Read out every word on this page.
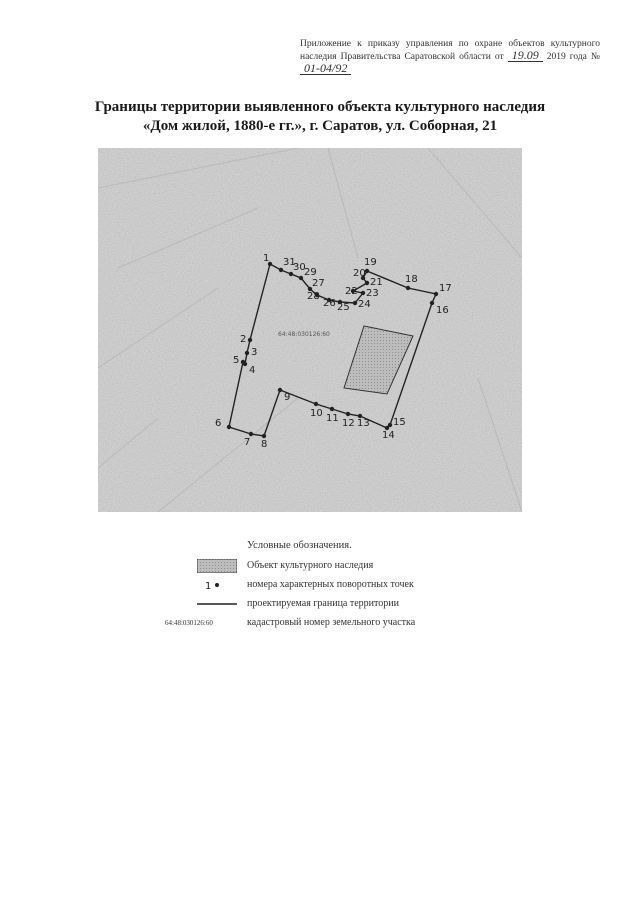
Приложение к приказу управления по охране объектов культурного наследия Правительства Саратовской области от 19.09 2019 года № 01-04/92
Границы территории выявленного объекта культурного наследия
«Дом жилой, 1880-е гг.», г. Саратов, ул. Соборная, 21
64:48:030126:60
1
2
3
4
5
6
7 8
9
10 11 12 13
14
15
16
17
18
19
20
21
22 23
24
25
26
27
28
29
30
31
Условные обозначения.
Объект культурного наследия
1	номера характерных поворотных точек
проектируемая граница территории
64:48:030126:60	кадастровый номер земельного участка
